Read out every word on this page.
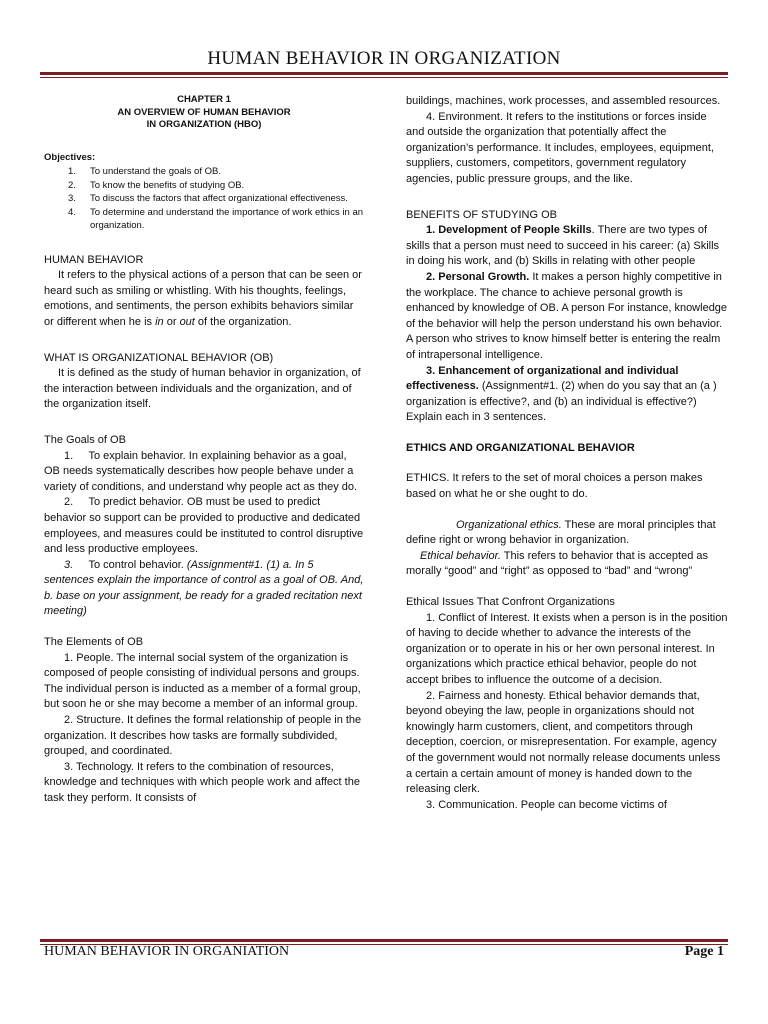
HUMAN BEHAVIOR IN ORGANIZATION
CHAPTER 1
AN OVERVIEW OF HUMAN BEHAVIOR
IN ORGANIZATION (HBO)
Objectives:
1. To understand the goals of OB.
2. To know the benefits of studying OB.
3. To discuss the factors that affect organizational effectiveness.
4. To determine and understand the importance of work ethics in an organization.

HUMAN BEHAVIOR

It refers to the physical actions of a person that can be seen or heard such as smiling or whistling. With his thoughts, feelings, emotions, and sentiments, the person exhibits behaviors similar or different when he is in or out of the organization.

WHAT IS ORGANIZATIONAL BEHAVIOR (OB)

It is defined as the study of human behavior in organization, of the interaction between individuals and the organization, and of the organization itself.

The Goals of OB

1. To explain behavior. In explaining behavior as a goal, OB needs systematically describes how people behave under a variety of conditions, and understand why people act as they do.

2. To predict behavior. OB must be used to predict behavior so support can be provided to productive and dedicated employees, and measures could be instituted to control disruptive and less productive employees.

3. To control behavior. (Assignment#1. (1) a. In 5 sentences explain the importance of control as a goal of OB. And, b. base on your assignment, be ready for a graded recitation next meeting)

The Elements of OB

1. People. The internal social system of the organization is composed of people consisting of individual persons and groups. The individual person is inducted as a member of a formal group, but soon he or she may become a member of an informal group.

2. Structure. It defines the formal relationship of people in the organization. It describes how tasks are formally subdivided, grouped, and coordinated.

3. Technology. It refers to the combination of resources, knowledge and techniques with which people work and affect the task they perform. It consists of

buildings, machines, work processes, and assembled resources.

4. Environment. It refers to the institutions or forces inside and outside the organization that potentially affect the organization’s performance. It includes, employees, equipment, suppliers, customers, competitors, government regulatory agencies, public pressure groups, and the like.

BENEFITS OF STUDYING OB

1. Development of People Skills. There are two types of skills that a person must need to succeed in his career: (a) Skills in doing his work, and (b) Skills in relating with other people

2. Personal Growth. It makes a person highly competitive in the workplace. The chance to achieve personal growth is enhanced by knowledge of OB. A person For instance, knowledge of the behavior will help the person understand his own behavior. A person who strives to know himself better is entering the realm of intrapersonal intelligence.

3. Enhancement of organizational and individual effectiveness. (Assignment#1. (2) when do you say that an (a ) organization is effective?, and (b) an individual is effective?) Explain each in 3 sentences.

ETHICS AND ORGANIZATIONAL BEHAVIOR

ETHICS. It refers to the set of moral choices a person makes based on what he or she ought to do.

Organizational ethics. These are moral principles that define right or wrong behavior in organization.

Ethical behavior. This refers to behavior that is accepted as morally “good” and “right” as opposed to “bad” and “wrong”

Ethical Issues That Confront Organizations

1. Conflict of Interest. It exists when a person is in the position of having to decide whether to advance the interests of the organization or to operate in his or her own personal interest. In organizations which practice ethical behavior, people do not accept bribes to influence the outcome of a decision.

2. Fairness and honesty. Ethical behavior demands that, beyond obeying the law, people in organizations should not knowingly harm customers, client, and competitors through deception, coercion, or misrepresentation. For example, agency of the government would not normally release documents unless a certain a certain amount of money is handed down to the releasing clerk.

3. Communication. People can become victims of

HUMAN BEHAVIOR IN ORGANIATION	Page 1
